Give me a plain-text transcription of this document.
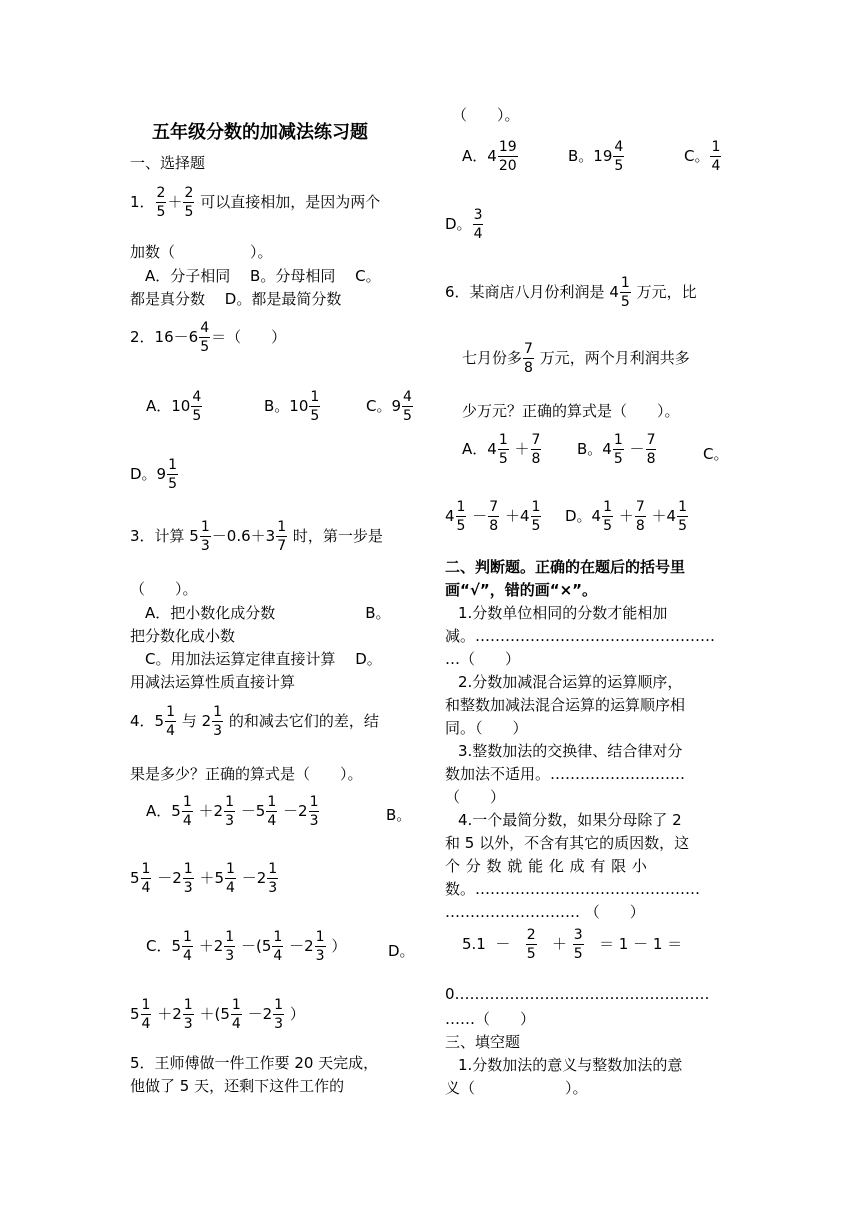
五年级分数的加减法练习题
一、选择题
1． $\frac{2}{5} + \frac{2}{5}$ 可以直接相加，是因为两个
加数（　　　　　）。
A．分子相同　 B。分母相同　 C。
都是真分数　 D。都是最简分数
2．$16-6 \frac{4}{5}$ ＝（　　）
A．$10 \frac{4}{5}$	B。$10 \frac{1}{5}$	C。$9 \frac{4}{5}$
D。$9 \frac{1}{5}$
3．计算 $5 \frac{1}{3} -0.6+3 \frac{1}{7}$ 时，第一步是
（　　）。
A．把小数化成分数　　　　　　B。
把分数化成小数
C。用加法运算定律直接计算　 D。
用减法运算性质直接计算
4．$5 \frac{1}{4}$ 与 $2 \frac{1}{3}$ 的和减去它们的差，结
果是多少？正确的算式是（　　）。
A．$5 \frac{1}{4} +2 \frac{1}{3} -5 \frac{1}{4} -2 \frac{1}{3}$	B。
$5 \frac{1}{4} -2 \frac{1}{3} +5 \frac{1}{4} -2 \frac{1}{3}$
C．$5 \frac{1}{4} +2 \frac{1}{3} -(5 \frac{1}{4} -2 \frac{1}{3}$ ）	D。
$5 \frac{1}{4} +2 \frac{1}{3} +(5 \frac{1}{4} -2 \frac{1}{3}$ ）
5．王师傅做一件工作要 20 天完成，
他做了 5 天，还剩下这件工作的
（　　）。
A．$4 \frac{19}{20}$	B。$19 \frac{4}{5}$	C。 $\frac{1}{4}$
D。 $\frac{3}{4}$
6．某商店八月份利润是 $4 \frac{1}{5}$ 万元，比
七月份多 $\frac{7}{8}$ 万元，两个月利润共多
少万元？正确的算式是（　　）。
A．$4 \frac{1}{5} + \frac{7}{8}$ B。$4 \frac{1}{5} - \frac{7}{8}$	C。
$4 \frac{1}{5} - \frac{7}{8} +4 \frac{1}{5}$ D。$4 \frac{1}{5} + \frac{7}{8} +4 \frac{1}{5}$
二、判断题。正确的在题后的括号里
画“√”，错的画“×”。
1.分数单位相同的分数才能相加
减。…………………………………………
…（　　）
2.分数加减混合运算的运算顺序，
和整数加减法混合运算的运算顺序相
同。（　　）
3.整数加法的交换律、结合律对分
数加法不适用。………………………
（　　）
4.一个最简分数，如果分母除了 2
和 5 以外，不含有其它的质因数，这
个 分 数 就 能 化 成 有 限 小
数。………………………………………
……………………… （　　）
$5.1 - \frac{2}{5} + \frac{3}{5} = 1 - 1$ ＝
0……………………………………………
……（　　）
三、填空题
1.分数加法的意义与整数加法的意
义（　　　　　　）。
